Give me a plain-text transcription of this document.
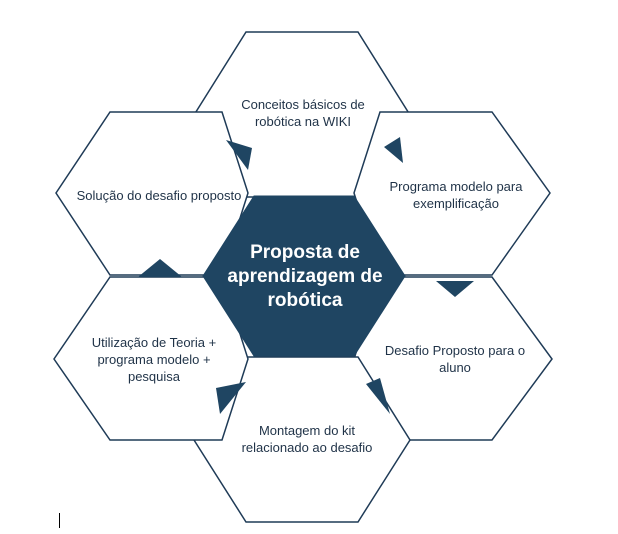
Conceitos básicos de robótica na WIKI
Programa modelo para exemplificação
Desafio Proposto para o aluno
Montagem do kit relacionado ao desafio
Utilização de Teoria + programa modelo + pesquisa
Solução do desafio proposto
Proposta de aprendizagem de robótica
